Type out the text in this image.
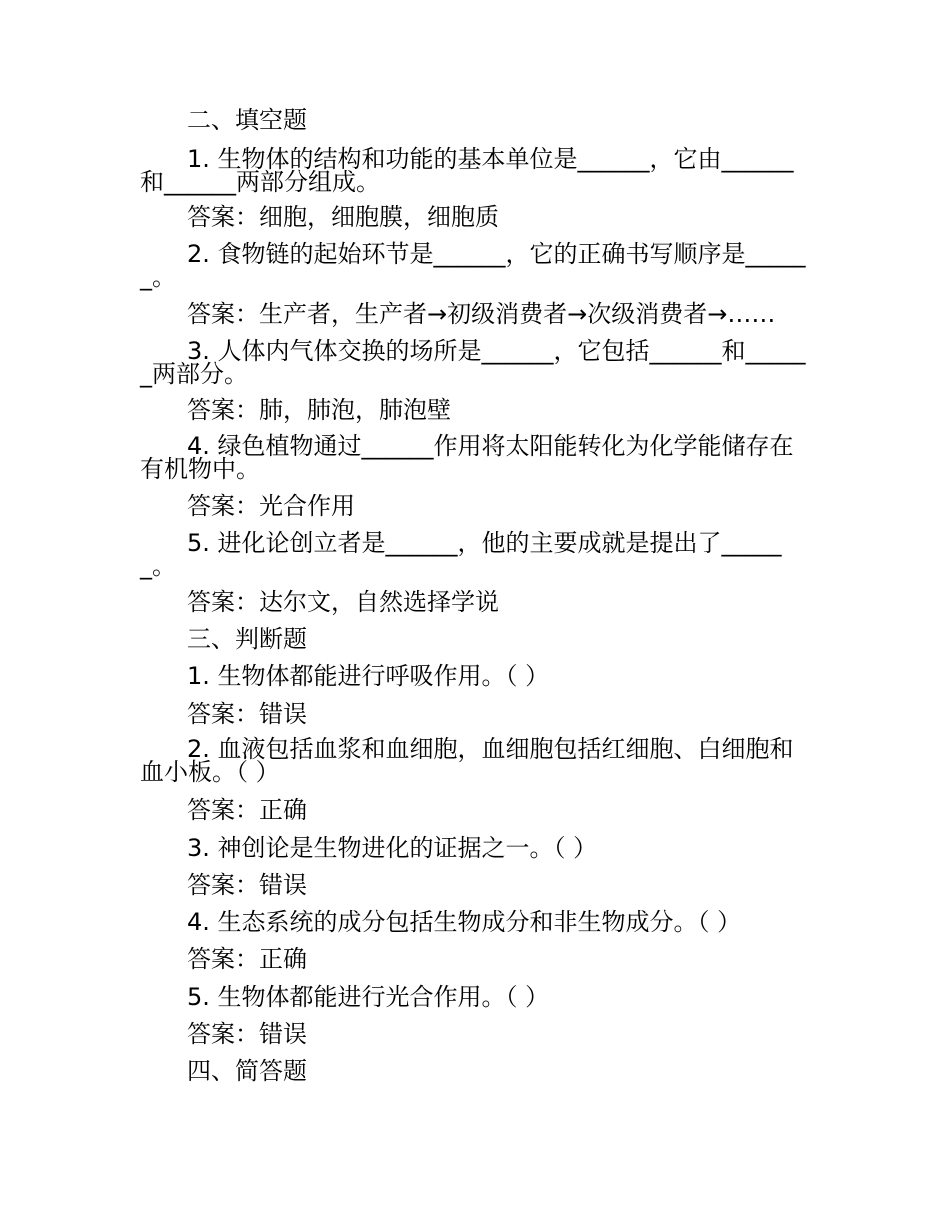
二、填空题
1. 生物体的结构和功能的基本单位是______，它由______和______两部分组成。
答案：细胞，细胞膜，细胞质
2. 食物链的起始环节是______，它的正确书写顺序是______。
答案：生产者，生产者→初级消费者→次级消费者→……
3. 人体内气体交换的场所是______，它包括______和______两部分。
答案：肺，肺泡，肺泡壁
4. 绿色植物通过______作用将太阳能转化为化学能储存在有机物中。
答案：光合作用
5. 进化论创立者是______，他的主要成就是提出了______。
答案：达尔文，自然选择学说
三、判断题
1. 生物体都能进行呼吸作用。（ ）
答案：错误
2. 血液包括血浆和血细胞，血细胞包括红细胞、白细胞和血小板。（ ）
答案：正确
3. 神创论是生物进化的证据之一。（ ）
答案：错误
4. 生态系统的成分包括生物成分和非生物成分。（ ）
答案：正确
5. 生物体都能进行光合作用。（ ）
答案：错误
四、简答题
